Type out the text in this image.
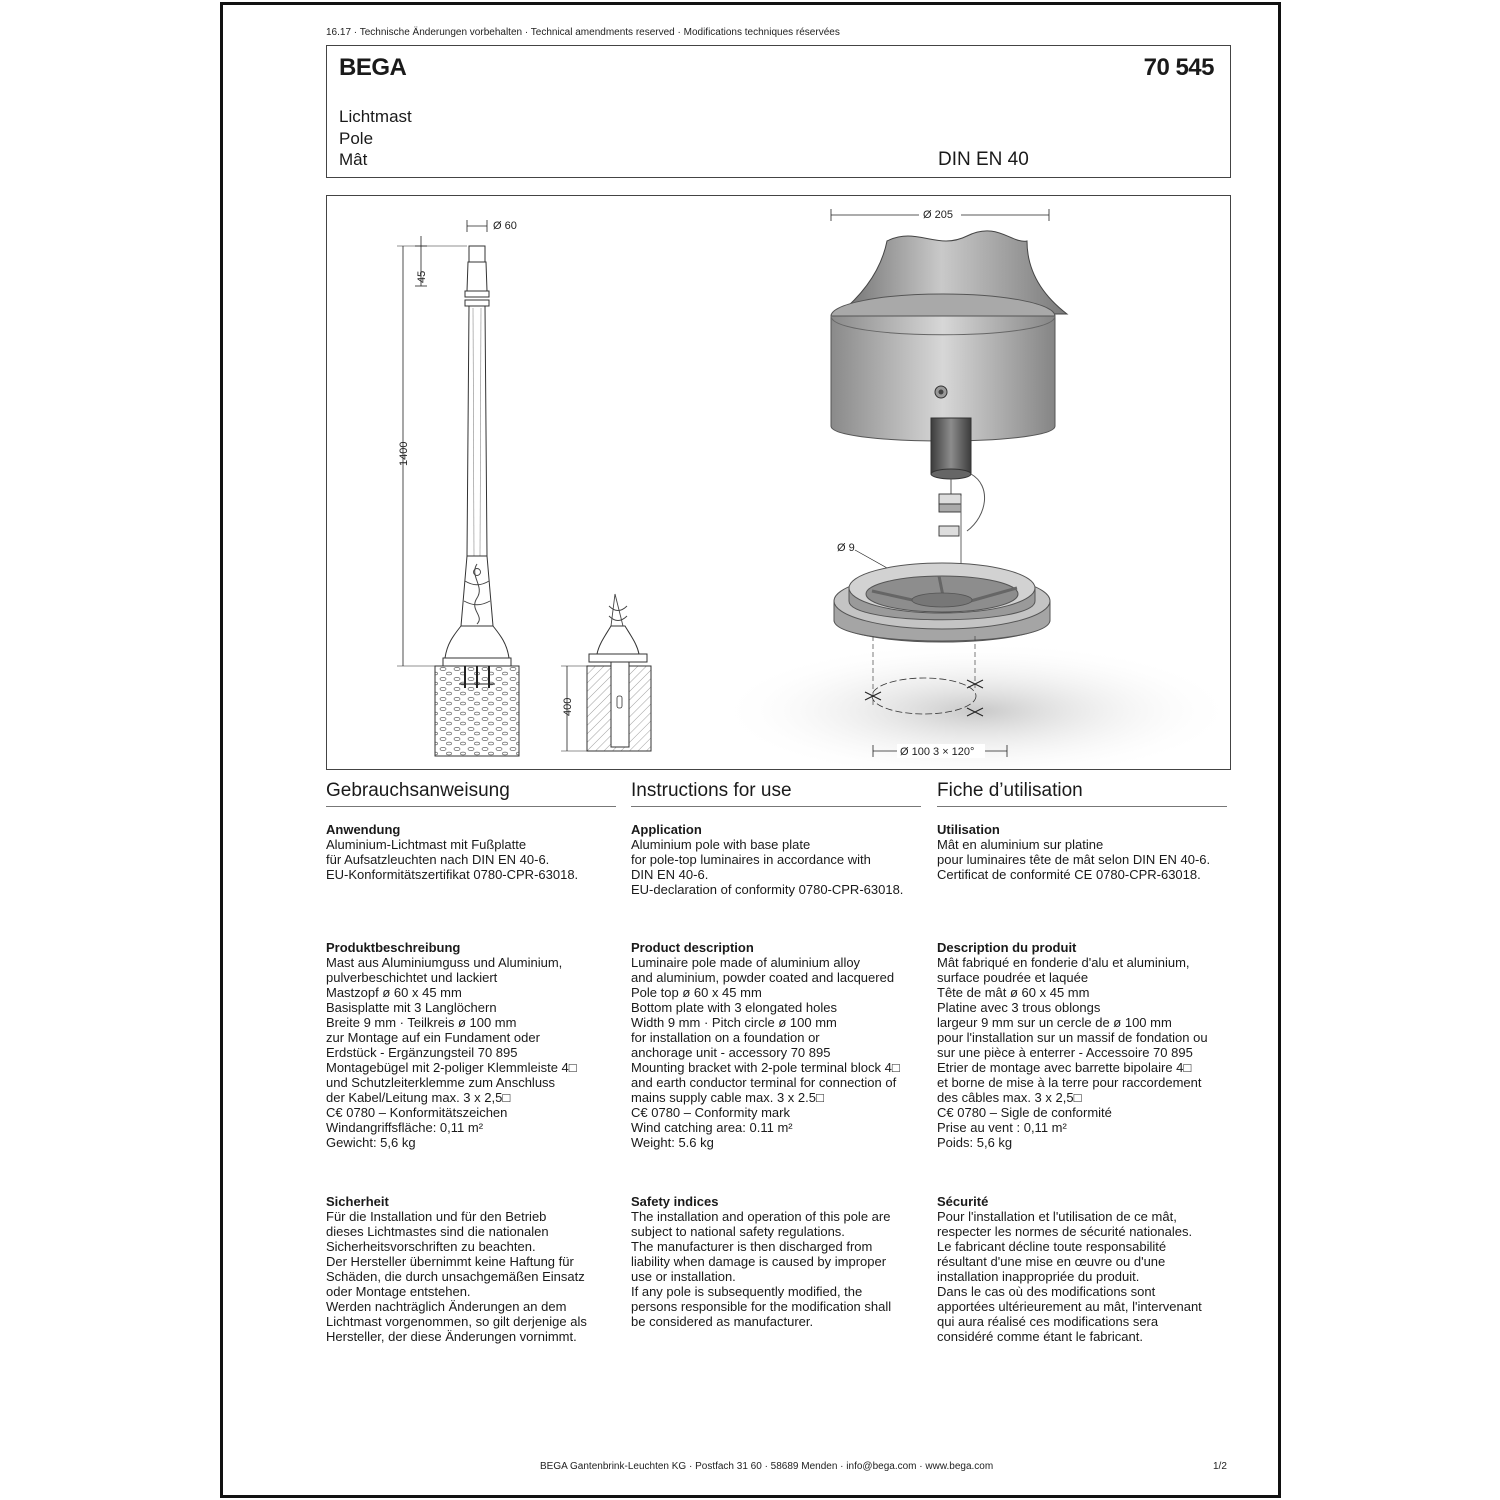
16.17 · Technische Änderungen vorbehalten · Technical amendments reserved · Modifications techniques réservées
BEGA	70 545
Lichtmast
Pole
Mât	DIN EN 40
Ø 60
45
1400
400
Ø 205
Ø 9
Ø 100 3 × 120°
Gebrauchsanweisung
Anwendung
Aluminium-Lichtmast mit Fußplatte
für Aufsatzleuchten nach DIN EN 40-6.
EU-Konformitätszertifikat 0780-CPR-63018.
Produktbeschreibung
Mast aus Aluminiumguss und Aluminium,
pulverbeschichtet und lackiert
Mastzopf ø 60 x 45 mm
Basisplatte mit 3 Langlöchern
Breite 9 mm · Teilkreis ø 100 mm
zur Montage auf ein Fundament oder
Erdstück - Ergänzungsteil 70 895
Montagebügel mit 2-poliger Klemmleiste 4□
und Schutzleiterklemme zum Anschluss
der Kabel/Leitung max. 3 x 2,5□
C€ 0780 – Konformitätszeichen
Windangriffsfläche: 0,11 m²
Gewicht: 5,6 kg
Sicherheit
Für die Installation und für den Betrieb
dieses Lichtmastes sind die nationalen
Sicherheitsvorschriften zu beachten.
Der Hersteller übernimmt keine Haftung für
Schäden, die durch unsachgemäßen Einsatz
oder Montage entstehen.
Werden nachträglich Änderungen an dem
Lichtmast vorgenommen, so gilt derjenige als
Hersteller, der diese Änderungen vornimmt.
Instructions for use
Application
Aluminium pole with base plate
for pole-top luminaires in accordance with
DIN EN 40-6.
EU-declaration of conformity 0780-CPR-63018.
Product description
Luminaire pole made of aluminium alloy
and aluminium, powder coated and lacquered
Pole top ø 60 x 45 mm
Bottom plate with 3 elongated holes
Width 9 mm · Pitch circle ø 100 mm
for installation on a foundation or
anchorage unit - accessory 70 895
Mounting bracket with 2-pole terminal block 4□
and earth conductor terminal for connection of
mains supply cable max. 3 x 2.5□
C€ 0780 – Conformity mark
Wind catching area: 0.11 m²
Weight: 5.6 kg
Safety indices
The installation and operation of this pole are
subject to national safety regulations.
The manufacturer is then discharged from
liability when damage is caused by improper
use or installation.
If any pole is subsequently modified, the
persons responsible for the modification shall
be considered as manufacturer.
Fiche d’utilisation
Utilisation
Mât en aluminium sur platine
pour luminaires tête de mât selon DIN EN 40-6.
Certificat de conformité CE 0780-CPR-63018.
Description du produit
Mât fabriqué en fonderie d'alu et aluminium,
surface poudrée et laquée
Tête de mât ø 60 x 45 mm
Platine avec 3 trous oblongs
largeur 9 mm sur un cercle de ø 100 mm
pour l'installation sur un massif de fondation ou
sur une pièce à enterrer - Accessoire 70 895
Etrier de montage avec barrette bipolaire 4□
et borne de mise à la terre pour raccordement
des câbles max. 3 x 2,5□
C€ 0780 – Sigle de conformité
Prise au vent : 0,11 m²
Poids: 5,6 kg
Sécurité
Pour l'installation et l'utilisation de ce mât,
respecter les normes de sécurité nationales.
Le fabricant décline toute responsabilité
résultant d'une mise en œuvre ou d'une
installation inappropriée du produit.
Dans le cas où des modifications sont
apportées ultérieurement au mât, l'intervenant
qui aura réalisé ces modifications sera
considéré comme étant le fabricant.
BEGA Gantenbrink-Leuchten KG · Postfach 31 60 · 58689 Menden · info@bega.com · www.bega.com	1/2
